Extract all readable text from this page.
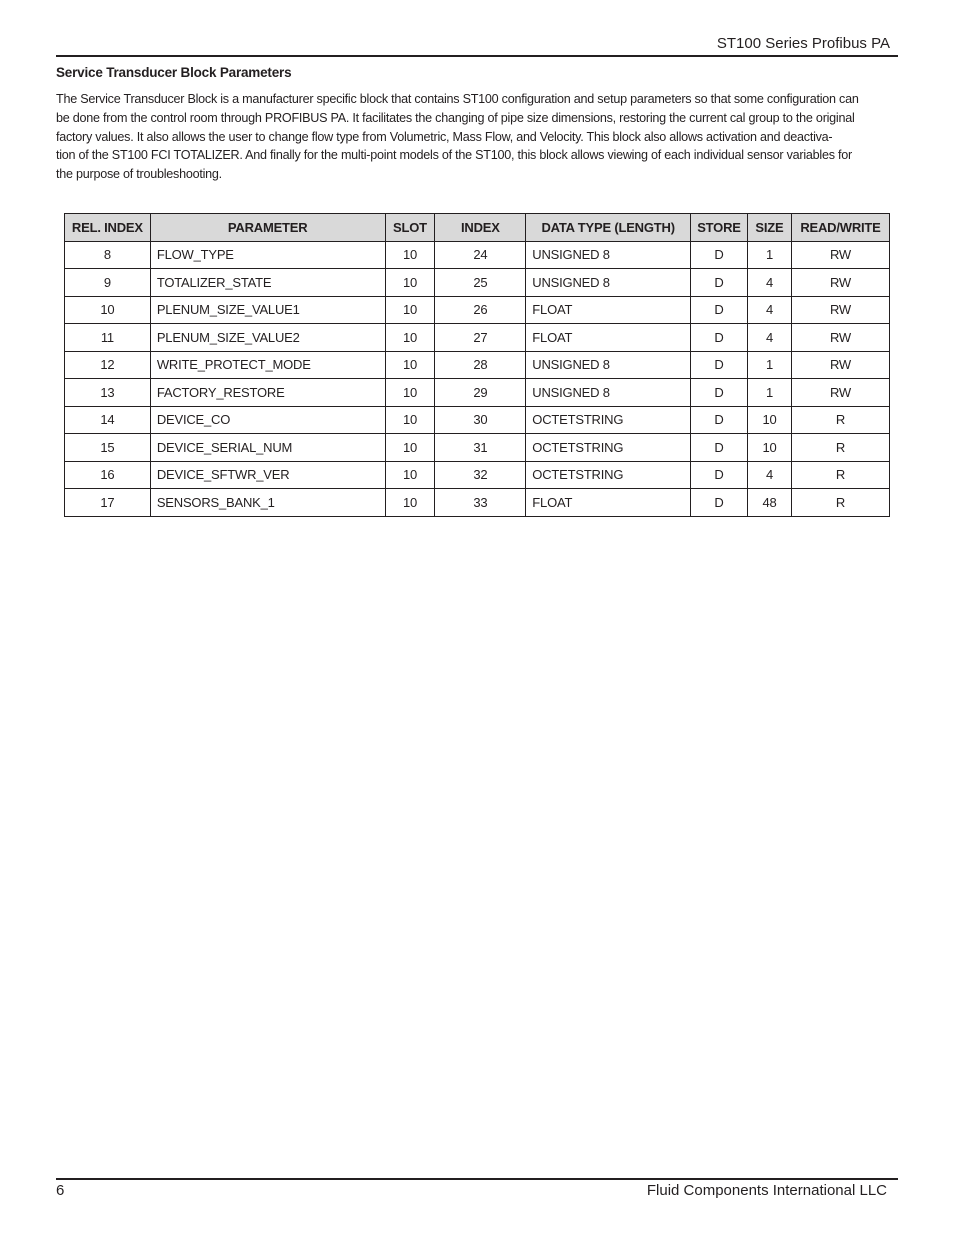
ST100 Series Profibus PA
Service Transducer Block Parameters
The Service Transducer Block is a manufacturer specific block that contains ST100 configuration and setup parameters so that some configuration can
be done from the control room through PROFIBUS PA. It facilitates the changing of pipe size dimensions, restoring the current cal group to the original
factory values. It also allows the user to change flow type from Volumetric, Mass Flow, and Velocity. This block also allows activation and deactiva-
tion of the ST100 FCI TOTALIZER. And finally for the multi-point models of the ST100, this block allows viewing of each individual sensor variables for
the purpose of troubleshooting.
REL. INDEX	PARAMETER	SLOT	INDEX	DATA TYPE (LENGTH)	STORE	SIZE	READ/WRITE
8	FLOW_TYPE	10	24	UNSIGNED 8	D	1	RW
9	TOTALIZER_STATE	10	25	UNSIGNED 8	D	4	RW
10	PLENUM_SIZE_VALUE1	10	26	FLOAT	D	4	RW
11	PLENUM_SIZE_VALUE2	10	27	FLOAT	D	4	RW
12	WRITE_PROTECT_MODE	10	28	UNSIGNED 8	D	1	RW
13	FACTORY_RESTORE	10	29	UNSIGNED 8	D	1	RW
14	DEVICE_CO	10	30	OCTETSTRING	D	10	R
15	DEVICE_SERIAL_NUM	10	31	OCTETSTRING	D	10	R
16	DEVICE_SFTWR_VER	10	32	OCTETSTRING	D	4	R
17	SENSORS_BANK_1	10	33	FLOAT	D	48	R
6	Fluid Components International LLC
